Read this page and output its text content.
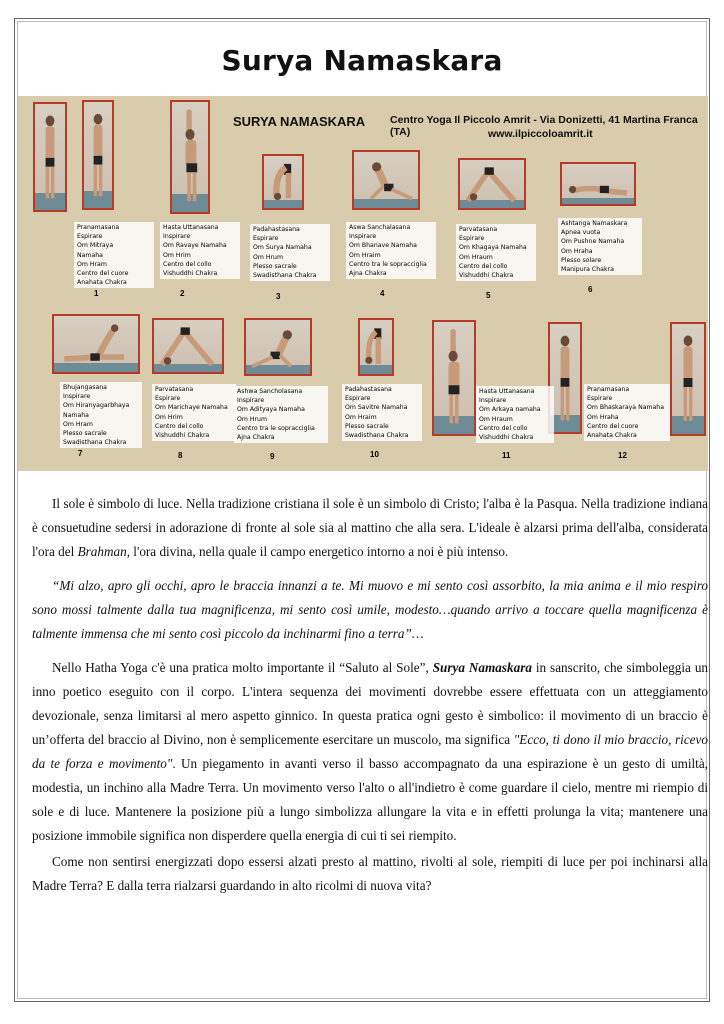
Surya Namaskara
SURYA NAMASKARA Centro Yoga Il Piccolo Amrit - Via Donizetti, 41 Martina Franca (TA)	www.ilpiccoloamrit.it
Pranamasana
Espirare
Om Mitraya
Namaha
Om Hram
Centro del cuore
Anahata Chakra
1
Hasta Uttanasana
Inspirare
Om Ravaye Namaha
Om Hrim
Centro del collo
Vishuddhi Chakra
2
Padahastasana
Espirare
Om Surya Namaha
Om Hrum
Plesso sacrale
Swadisthana Chakra
3
Aswa Sanchalasana
Inspirare
Om Bhanave Namaha
Om Hraim
Centro tra le sopracciglia
Ajna Chakra
4
Parvatasana
Espirare
Om Khagaya Namaha
Om Hraum
Centro del collo
Vishuddhi Chakra
5
Ashtanga Namaskara
Apnea vuota
Om Pushne Namaha
Om Hraha
Plesso solare
Manipura Chakra
6
Bhujangasana
Inspirare
Om Hiranyagarbhaya
Namaha
Om Hram
Plesso sacrale
Swadisthana Chakra
7
Parvatasana
Espirare
Om Marichaye Namaha
Om Hrim
Centro del collo
Vishuddhi Chakra
8
Ashwa Sancholasana
Inspirare
Om Adityaya Namaha
Om Hrum
Centro tra le sopracciglia
Ajna Chakra
9
Padahastasana
Espirare
Om Savitre Namaha
Om Hraim
Plesso sacrale
Swadisthana Chakra
10
Hasta Uttanasana
Inspirare
Om Arkaya namaha
Om Hraum
Centro del collo
Vishuddhi Chakra
11
Pranamasana
Espirare
Om Bhaskaraya Namaha
Om Hraha
Centro del cuore
Anahata Chakra
12
Il sole è simbolo di luce. Nella tradizione cristiana il sole è un simbolo di Cristo; l'alba è la Pasqua. Nella tradizione indiana è consuetudine sedersi in adorazione di fronte al sole sia al mattino che alla sera. L'ideale è alzarsi prima dell'alba, considerata l'ora del Brahman, l'ora divina, nella quale il campo energetico intorno a noi è più intenso.
“Mi alzo, apro gli occhi, apro le braccia innanzi a te. Mi muovo e mi sento così assorbito, la mia anima e il mio respiro sono mossi talmente dalla tua magnificenza, mi sento così umile, modesto…quando arrivo a toccare quella magnificenza è talmente immensa che mi sento così piccolo da inchinarmi fino a terra”…
Nello Hatha Yoga c'è una pratica molto importante il “Saluto al Sole”, Surya Namaskara in sanscrito, che simboleggia un inno poetico eseguito con il corpo. L'intera sequenza dei movimenti dovrebbe essere effettuata con un atteggiamento devozionale, senza limitarsi al mero aspetto ginnico. In questa pratica ogni gesto è simbolico: il movimento di un braccio è un’offerta del braccio al Divino, non è semplicemente esercitare un muscolo, ma significa "Ecco, ti dono il mio braccio, ricevo da te forza e movimento". Un piegamento in avanti verso il basso accompagnato da una espirazione è un gesto di umiltà, modestia, un inchino alla Madre Terra. Un movimento verso l'alto o all'indietro è come guardare il cielo, mentre mi riempio di sole e di luce. Mantenere la posizione più a lungo simbolizza allungare la vita e in effetti prolunga la vita; mantenere una posizione immobile significa non disperdere quella energia di cui ti sei riempito.
Come non sentirsi energizzati dopo essersi alzati presto al mattino, rivolti al sole, riempiti di luce per poi inchinarsi alla Madre Terra? E dalla terra rialzarsi guardando in alto ricolmi di nuova vita?
